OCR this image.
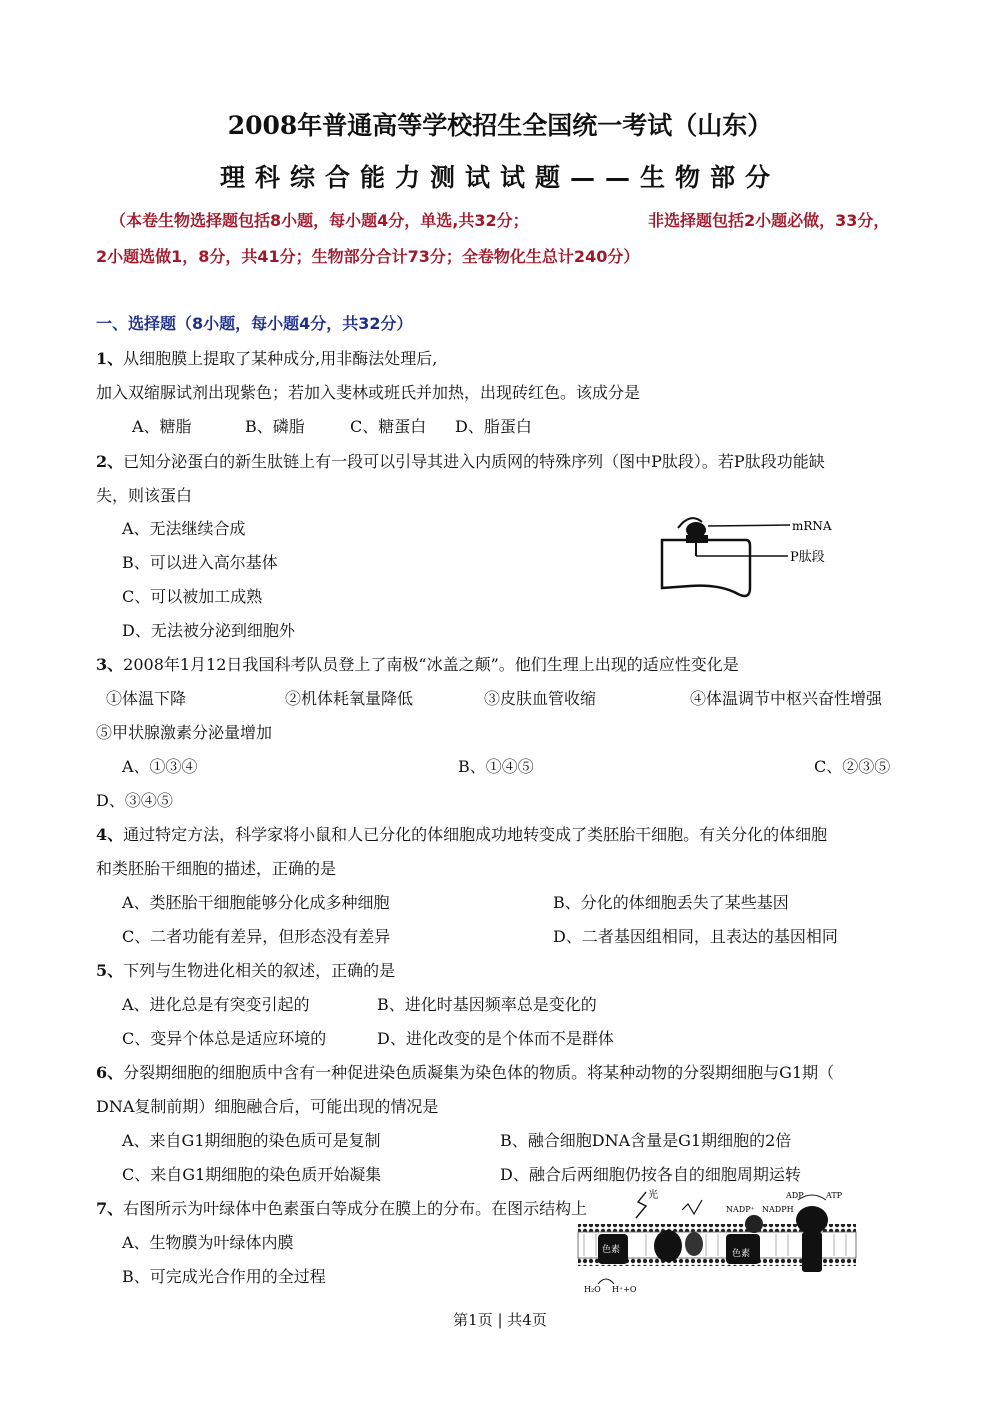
2008年普通高等学校招生全国统一考试（山东）
理科综合能力测试试题——生物部分
（本卷生物选择题包括8小题，每小题4分，单选,共32分；	非选择题包括2小题必做，33分，
2小题选做1，8分，共41分；生物部分合计73分；全卷物化生总计240分）
一、选择题（8小题，每小题4分，共32分）
1、从细胞膜上提取了某种成分,用非酶法处理后,
加入双缩脲试剂出现紫色；若加入斐林或班氏并加热，出现砖红色。该成分是
A、糖脂	B、磷脂	C、糖蛋白 D、脂蛋白
2、已知分泌蛋白的新生肽链上有一段可以引导其进入内质网的特殊序列（图中P肽段）。若P肽段功能缺
失，则该蛋白
A、无法继续合成
B、可以进入高尔基体
C、可以被加工成熟
D、无法被分泌到细胞外
mRNA
P肽段
3、2008年1月12日我国科考队员登上了南极“冰盖之颠”。他们生理上出现的适应性变化是
①体温下降	②机体耗氧量降低	③皮肤血管收缩	④体温调节中枢兴奋性增强
⑤甲状腺激素分泌量增加
A、①③④	B、①④⑤	C、②③⑤
D、③④⑤
4、通过特定方法，科学家将小鼠和人已分化的体细胞成功地转变成了类胚胎干细胞。有关分化的体细胞
和类胚胎干细胞的描述，正确的是
A、类胚胎干细胞能够分化成多种细胞	B、分化的体细胞丢失了某些基因
C、二者功能有差异，但形态没有差异	D、二者基因组相同，且表达的基因相同
5、下列与生物进化相关的叙述，正确的是
A、进化总是有突变引起的	B、进化时基因频率总是变化的
C、变异个体总是适应环境的	D、进化改变的是个体而不是群体
6、分裂期细胞的细胞质中含有一种促进染色质凝集为染色体的物质。将某种动物的分裂期细胞与G1期（
DNA复制前期）细胞融合后，可能出现的情况是
A、来自G1期细胞的染色质可是复制	B、融合细胞DNA含量是G1期细胞的2倍
C、来自G1期细胞的染色质开始凝集	D、融合后两细胞仍按各自的细胞周期运转
7、右图所示为叶绿体中色素蛋白等成分在膜上的分布。在图示结构上
A、生物膜为叶绿体内膜
B、可完成光合作用的全过程
色素	色素
光
NADP⁺ NADPH
ADP	ATP
H₂O H⁺+O
第1页 | 共4页
